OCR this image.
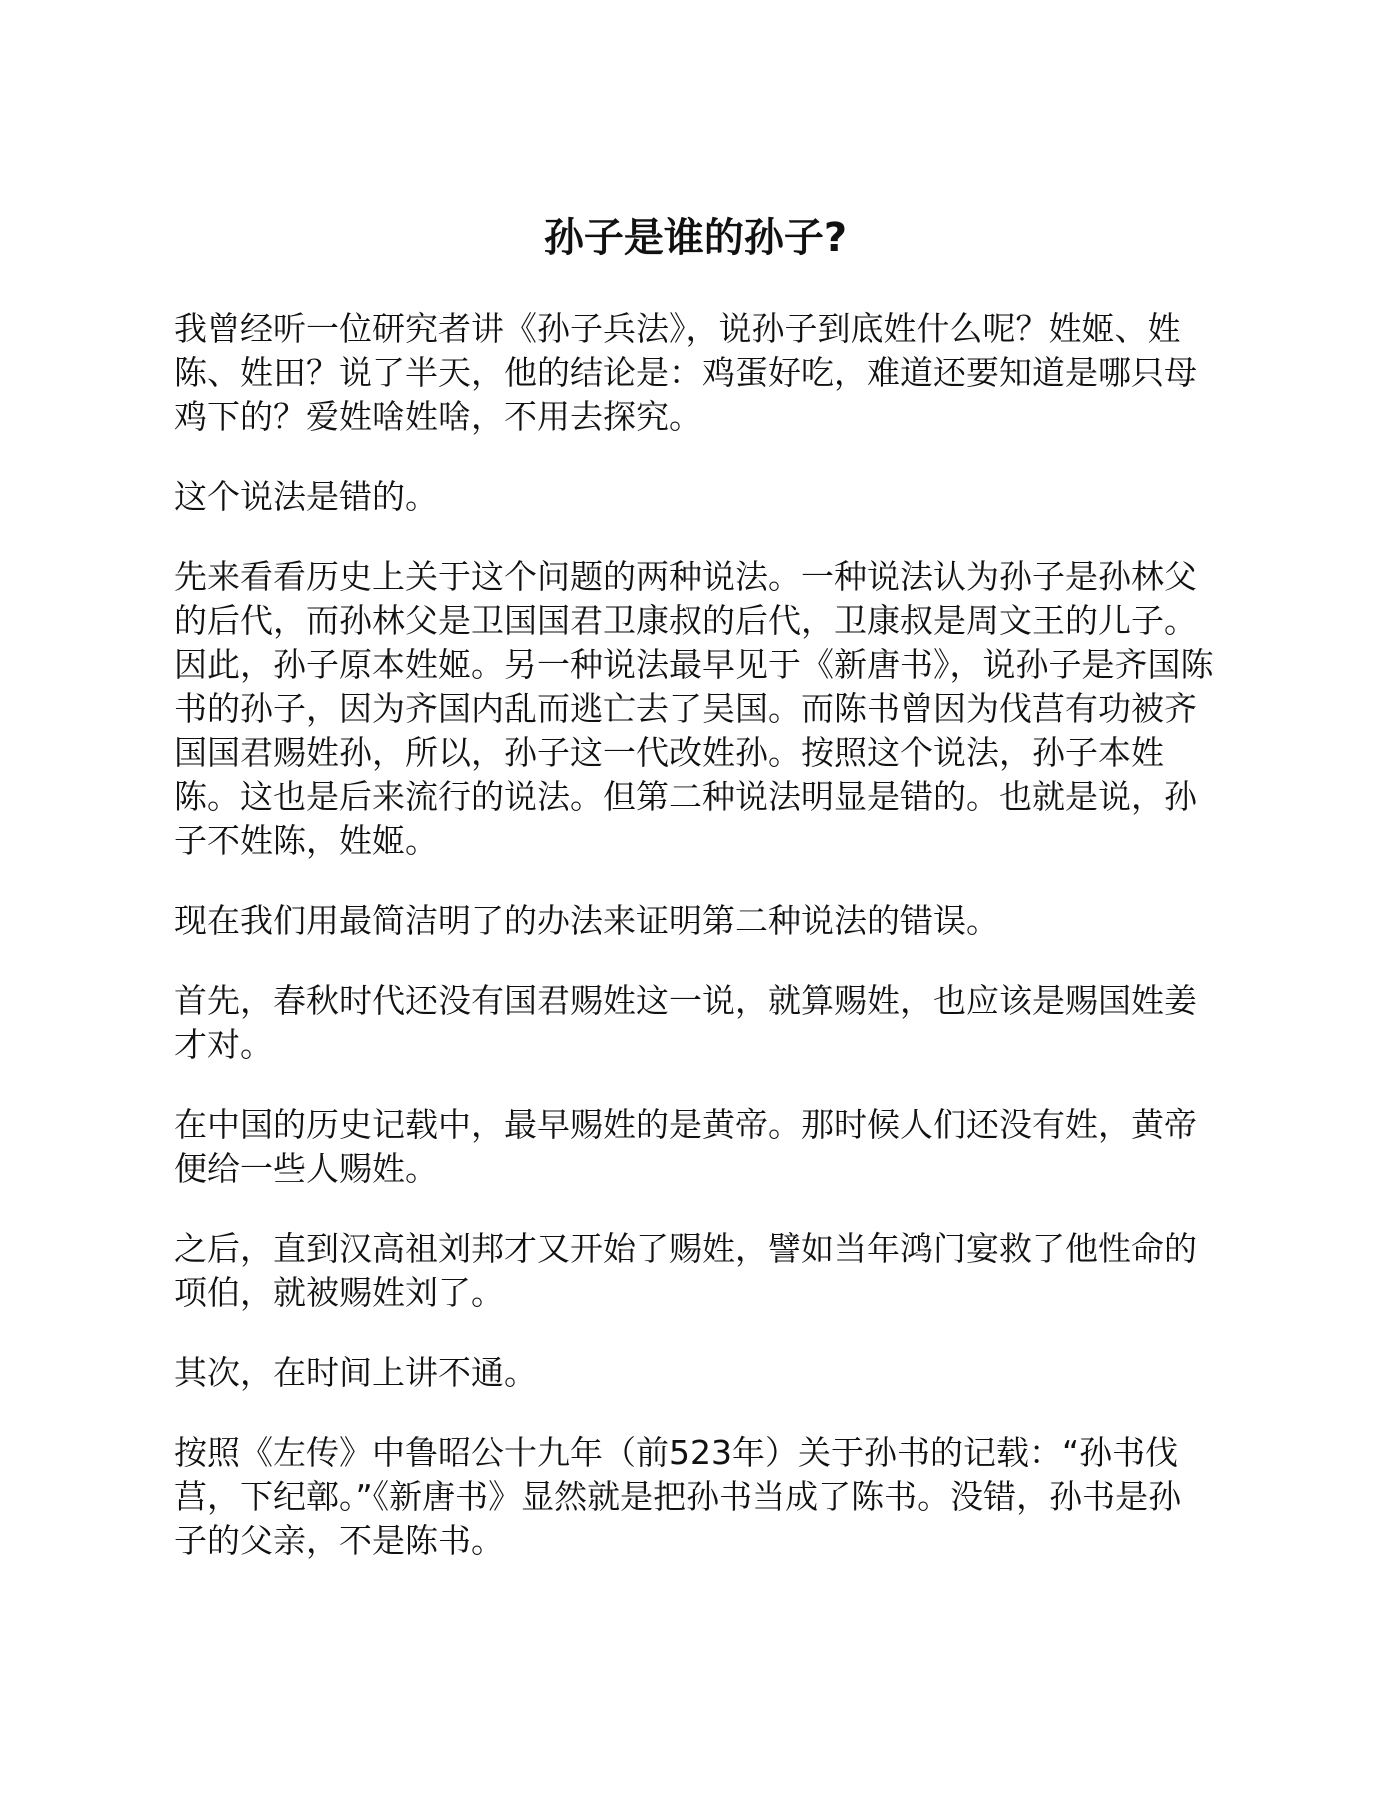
孙子是谁的孙子?

我曾经听一位研究者讲《孙子兵法》，说孙子到底姓什么呢？姓姬、姓陈、姓田？说了半天，他的结论是：鸡蛋好吃，难道还要知道是哪只母鸡下的？爱姓啥姓啥，不用去探究。

这个说法是错的。

先来看看历史上关于这个问题的两种说法。一种说法认为孙子是孙林父的后代，而孙林父是卫国国君卫康叔的后代，卫康叔是周文王的儿子。因此，孙子原本姓姬。另一种说法最早见于《新唐书》，说孙子是齐国陈书的孙子，因为齐国内乱而逃亡去了吴国。而陈书曾因为伐莒有功被齐国国君赐姓孙，所以，孙子这一代改姓孙。按照这个说法，孙子本姓陈。这也是后来流行的说法。但第二种说法明显是错的。也就是说，孙子不姓陈，姓姬。

现在我们用最简洁明了的办法来证明第二种说法的错误。

首先，春秋时代还没有国君赐姓这一说，就算赐姓，也应该是赐国姓姜才对。

在中国的历史记载中，最早赐姓的是黄帝。那时候人们还没有姓，黄帝便给一些人赐姓。

之后，直到汉高祖刘邦才又开始了赐姓，譬如当年鸿门宴救了他性命的项伯，就被赐姓刘了。

其次，在时间上讲不通。

按照《左传》中鲁昭公十九年（前523年）关于孙书的记载：“孙书伐莒，下纪鄣。”《新唐书》显然就是把孙书当成了陈书。没错，孙书是孙子的父亲，不是陈书。
